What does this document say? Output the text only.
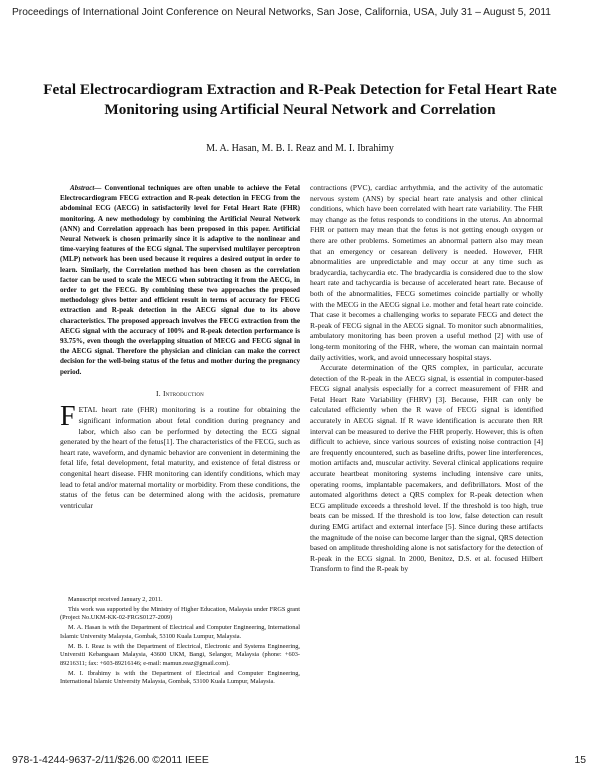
Proceedings of International Joint Conference on Neural Networks, San Jose, California, USA, July 31 – August 5, 2011
Fetal Electrocardiogram Extraction and R-Peak Detection for Fetal Heart Rate Monitoring using Artificial Neural Network and Correlation
M. A. Hasan, M. B. I. Reaz and M. I. Ibrahimy

Abstract— Conventional techniques are often unable to achieve the Fetal Electrocardiogram FECG extraction and R-peak detection in FECG from the abdominal ECG (AECG) in satisfactorily level for Fetal Heart Rate (FHR) monitoring. A new methodology by combining the Artificial Neural Network (ANN) and Correlation approach has been proposed in this paper. Artificial Neural Network is chosen primarily since it is adaptive to the nonlinear and time-varying features of the ECG signal. The supervised multilayer perceptron (MLP) network has been used because it requires a desired output in order to learn. Similarly, the Correlation method has been chosen as the correlation factor can be used to scale the MECG when subtracting it from the AECG, in order to get the FECG. By combining these two approaches the proposed methodology gives better and efficient result in terms of accuracy for FECG extraction and R-peak detection in the AECG signal due to its above characteristics. The proposed approach involves the FECG extraction from the AECG signal with the accuracy of 100% and R-peak detection performance is 93.75%, even though the overlapping situation of MECG and FECG signal in the AECG signal. Therefore the physician and clinician can make the correct decision for the well-being status of the fetus and mother during the pregnancy period.

I. Introduction

FETAL heart rate (FHR) monitoring is a routine for obtaining the significant information about fetal condition during pregnancy and labor, which also can be performed by detecting the ECG signal generated by the heart of the fetus[1]. The characteristics of the FECG, such as heart rate, waveform, and dynamic behavior are convenient in determining the fetal life, fetal development, fetal maturity, and existence of fetal distress or congenital heart disease. FHR monitoring can identify conditions, which may lead to fetal and/or maternal mortality or morbidity. From these conditions, the status of the fetus can be determined along with the acidosis, premature ventricular

Manuscript received January 2, 2011.

This work was supported by the Ministry of Higher Education, Malaysia under FRGS grant (Project No.UKM-KK-02-FRGS0127-2009)

M. A. Hasan is with the Department of Electrical and Computer Engineering, International Islamic University Malaysia, Gombak, 53100 Kuala Lumpur, Malaysia.

M. B. I. Reaz is with the Department of Electrical, Electronic and Systems Engineering, Universiti Kebangsaan Malaysia, 43600 UKM, Bangi, Selangor, Malaysia (phone: +603-89216311; fax: +603-89216146; e-mail: mamun.reaz@gmail.com).

M. I. Ibrahimy is with the Department of Electrical and Computer Engineering, International Islamic University Malaysia, Gombak, 53100 Kuala Lumpur, Malaysia.

contractions (PVC), cardiac arrhythmia, and the activity of the automatic nervous system (ANS) by special heart rate analysis and other clinical conditions, which have been correlated with heart rate variability. The FHR may change as the fetus responds to conditions in the uterus. An abnormal FHR or pattern may mean that the fetus is not getting enough oxygen or there are other problems. Sometimes an abnormal pattern also may mean that an emergency or cesarean delivery is needed. However, FHR abnormalities are unpredictable and may occur at any time such as bradycardia, tachycardia etc. The bradycardia is considered due to the slow heart rate and tachycardia is because of accelerated heart rate. Because of both of the abnormalities, FECG sometimes coincide partially or wholly with the MECG in the AECG signal i.e. mother and fetal heart rate coincide. That case it becomes a challenging works to separate FECG and detect the R-peak of FECG signal in the AECG signal. To monitor such abnormalities, ambulatory monitoring has been proven a useful method [2] with use of long-term monitoring of the FHR, where, the woman can maintain normal daily activities, work, and avoid unnecessary hospital stays.

Accurate determination of the QRS complex, in particular, accurate detection of the R-peak in the AECG signal, is essential in computer-based FECG signal analysis especially for a correct measurement of FHR and Fetal Heart Rate Variability (FHRV) [3]. Because, FHR can only be calculated efficiently when the R wave of FECG signal is identified accurately in AECG signal. If R wave identification is accurate then RR interval can be measured to derive the FHR properly. However, this is often difficult to achieve, since various sources of existing noise contraction [4] are frequently encountered, such as baseline drifts, power line interferences, motion artifacts and, muscular activity. Several clinical applications require accurate heartbeat monitoring systems including intensive care units, operating rooms, implantable pacemakers, and defibrillators. Most of the automated algorithms detect a QRS complex for R-peak detection when ECG amplitude exceeds a threshold level. If the threshold is too high, true beats can be missed. If the threshold is too low, false detection can result during EMG artifact and external interface [5]. Since during these artifacts the magnitude of the noise can become larger than the signal, QRS detection based on amplitude thresholding alone is not satisfactory for the detection of R-peak in the ECG signal. In 2000, Benitez, D.S. et al. focused Hilbert Transform to find the R-peak by

978-1-4244-9637-2/11/$26.00 ©2011 IEEE	15
